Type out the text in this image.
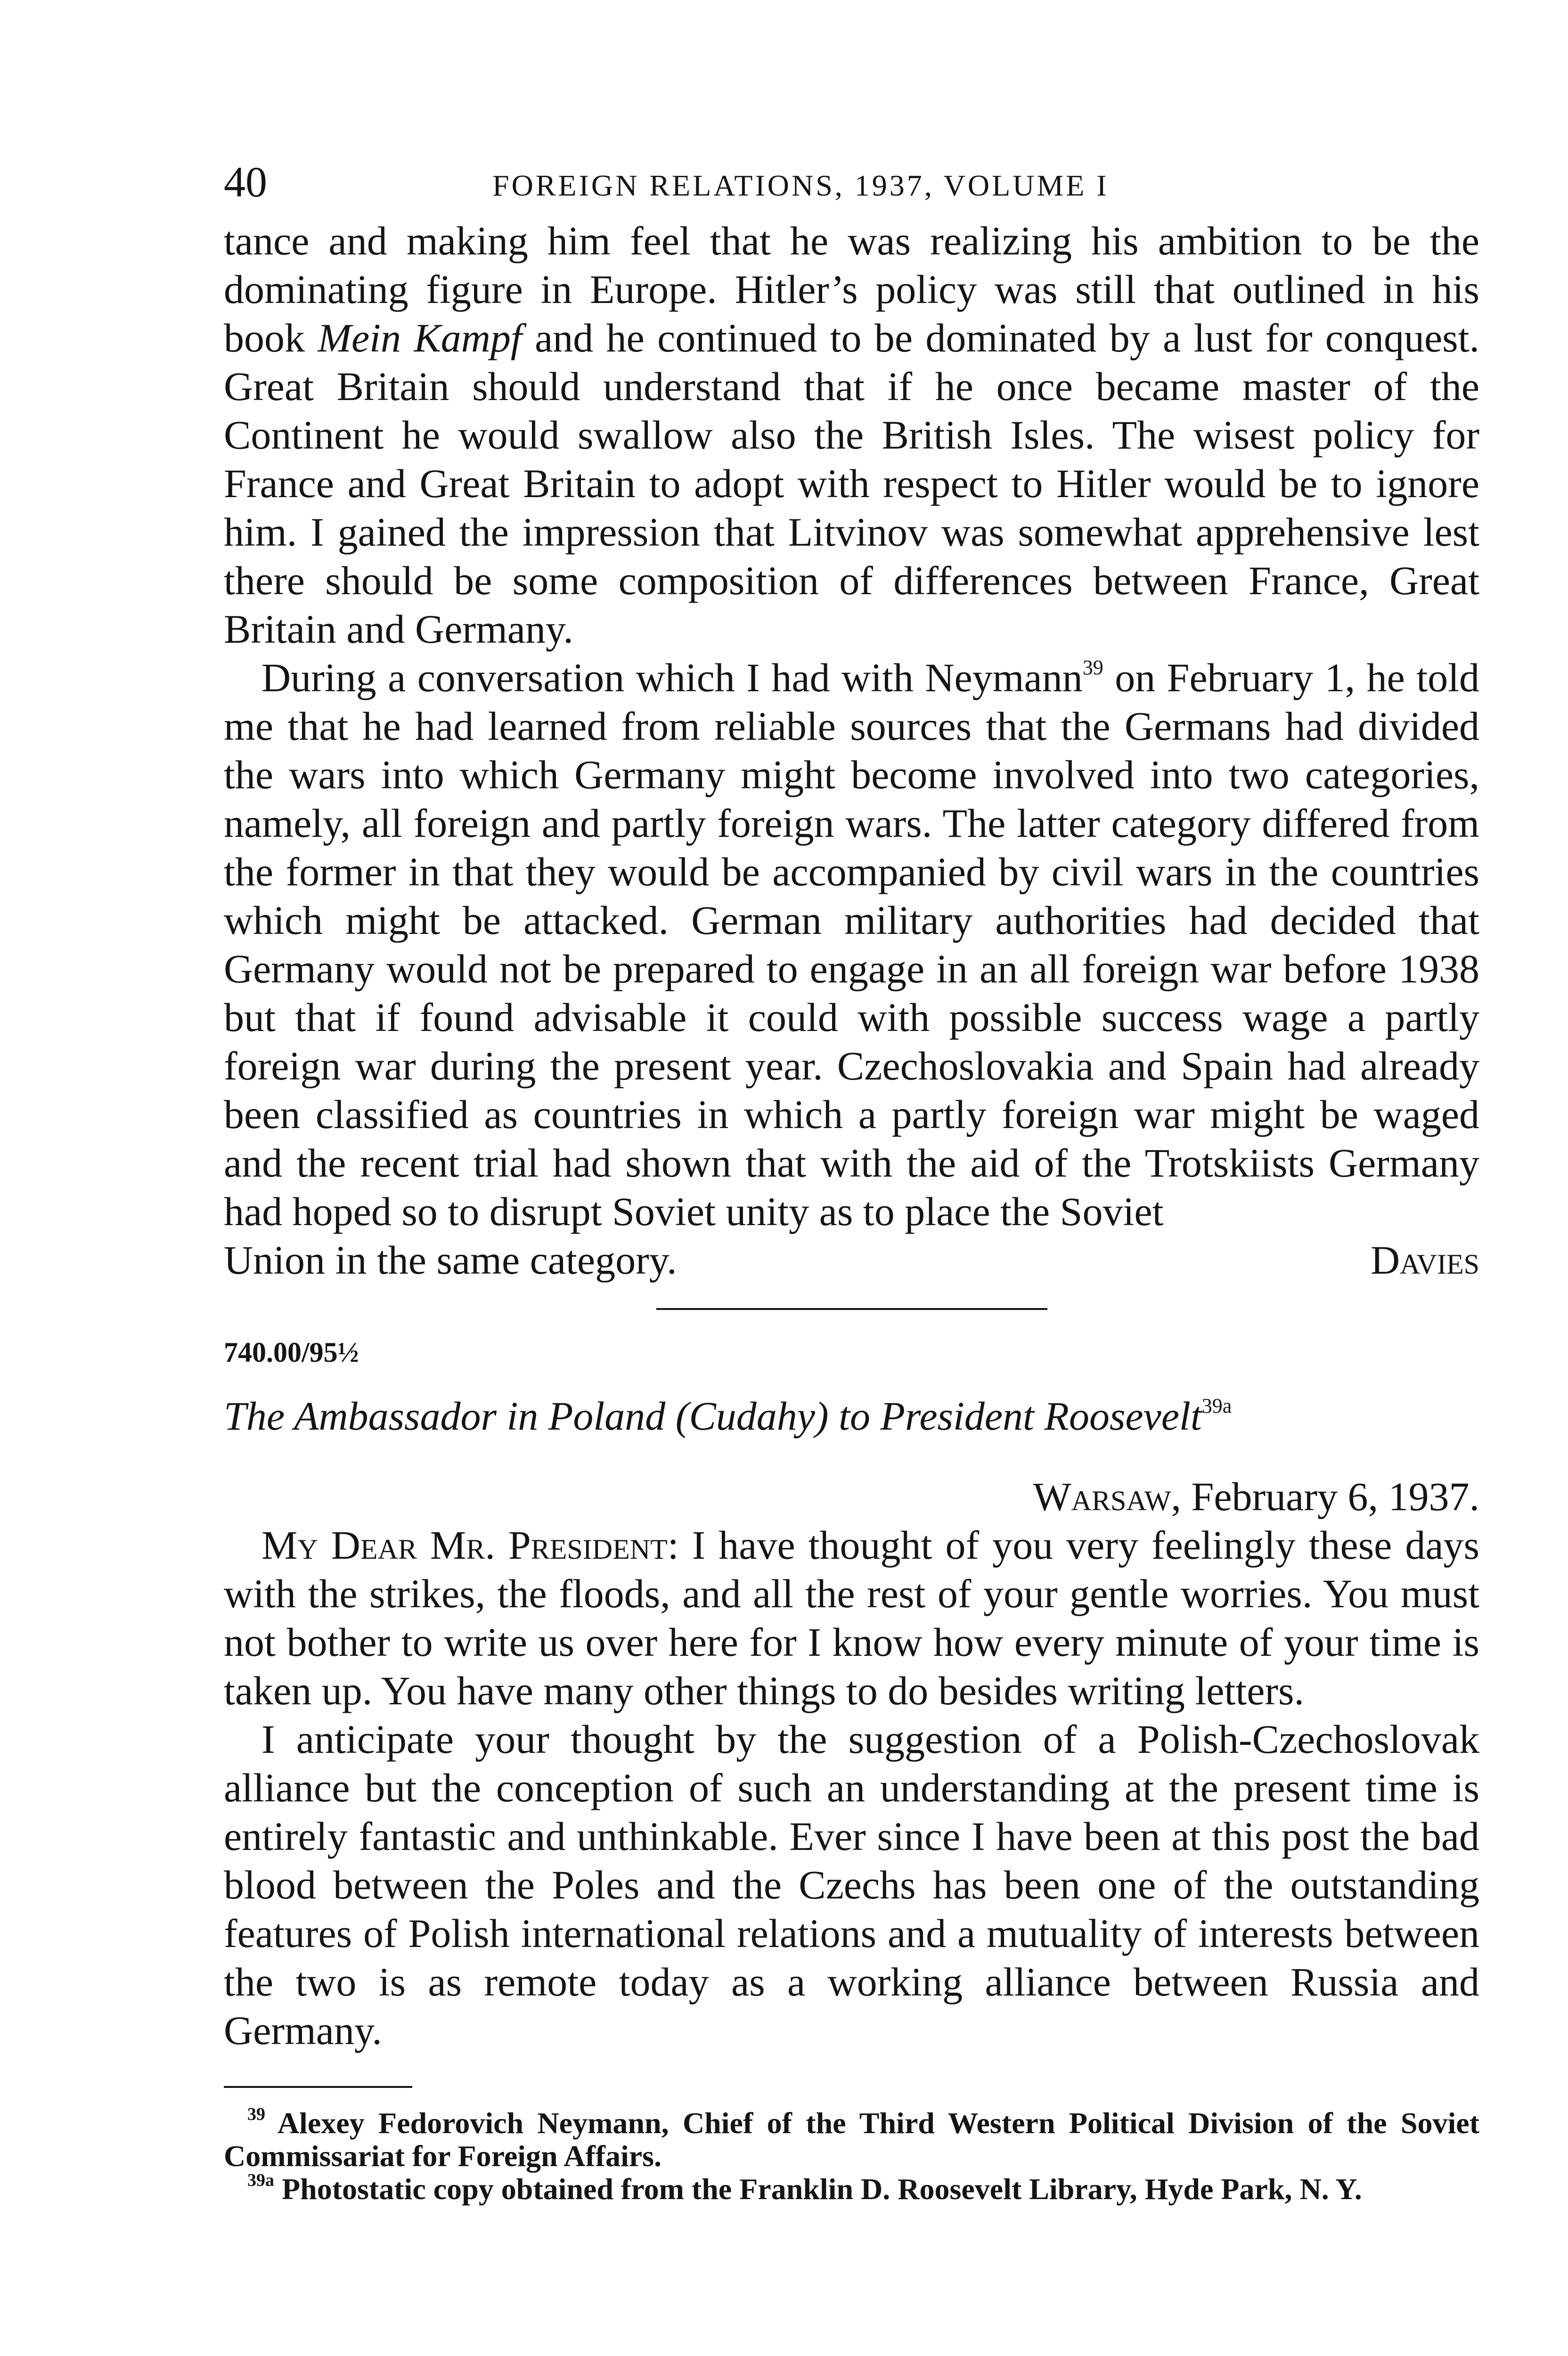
40	FOREIGN RELATIONS, 1937, VOLUME I

tance and making him feel that he was realizing his ambition to be the dominating figure in Europe. Hitler’s policy was still that outlined in his book Mein Kampf and he continued to be dominated by a lust for conquest. Great Britain should understand that if he once became master of the Continent he would swallow also the British Isles. The wisest policy for France and Great Britain to adopt with respect to Hitler would be to ignore him. I gained the impression that Litvinov was somewhat apprehensive lest there should be some composition of differences between France, Great Britain and Germany.

During a conversation which I had with Neymann$^{39}$ on February 1, he told me that he had learned from reliable sources that the Germans had divided the wars into which Germany might become involved into two categories, namely, all foreign and partly foreign wars. The latter category differed from the former in that they would be accompanied by civil wars in the countries which might be attacked. German military authorities had decided that Germany would not be prepared to engage in an all foreign war before 1938 but that if found advisable it could with possible success wage a partly foreign war during the present year. Czechoslovakia and Spain had already been classified as countries in which a partly foreign war might be waged and the recent trial had shown that with the aid of the Trotskiists Germany had hoped so to disrupt Soviet unity as to place the Soviet

Union in the same category.	Davies
740.00/95½
The Ambassador in Poland (Cudahy) to President Roosevelt$^{39a}$
Warsaw, February 6, 1937.

My Dear Mr. President: I have thought of you very feelingly these days with the strikes, the floods, and all the rest of your gentle worries. You must not bother to write us over here for I know how every minute of your time is taken up. You have many other things to do besides writing letters.

I anticipate your thought by the suggestion of a Polish-Czechoslovak alliance but the conception of such an understanding at the present time is entirely fantastic and unthinkable. Ever since I have been at this post the bad blood between the Poles and the Czechs has been one of the outstanding features of Polish international relations and a mutuality of interests between the two is as remote today as a working alliance between Russia and Germany.

$^{39}$ Alexey Fedorovich Neymann, Chief of the Third Western Political Division of the Soviet Commissariat for Foreign Affairs.

$^{39a}$ Photostatic copy obtained from the Franklin D. Roosevelt Library, Hyde Park, N. Y.
